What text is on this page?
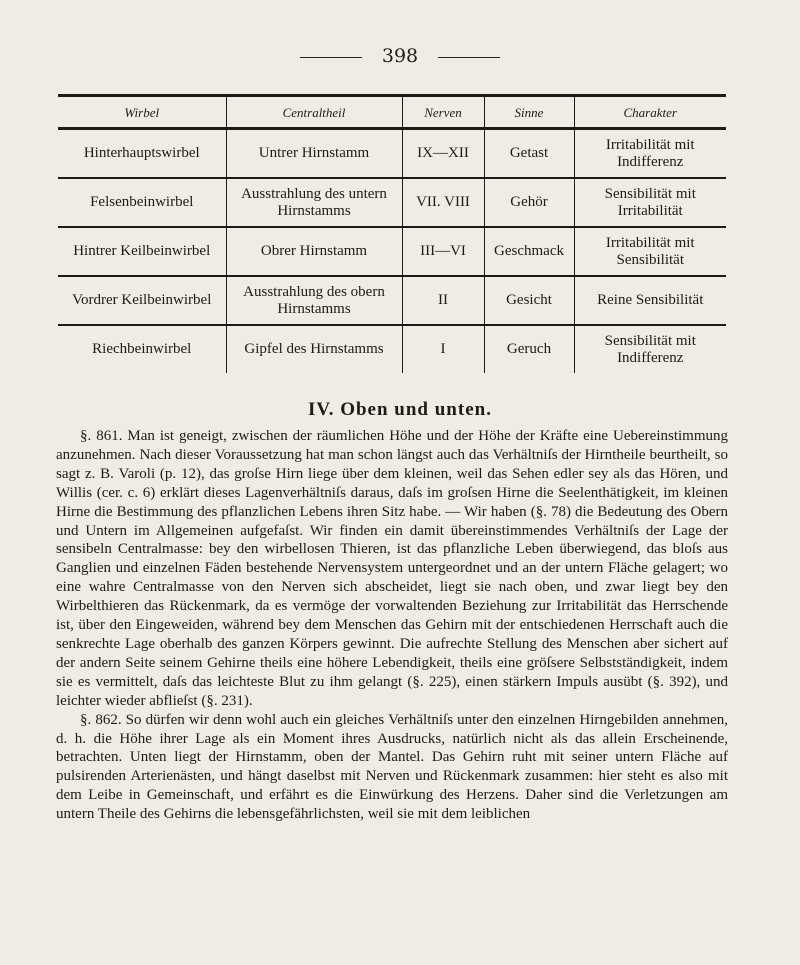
398
Wirbel	Centraltheil	Nerven	Sinne	Charakter
Hinterhauptswirbel	Untrer Hirnstamm	IX—XII	Getast	Irritabilität mit Indifferenz
Felsenbeinwirbel	Ausstrahlung des untern Hirnstamms	VII. VIII	Gehör	Sensibilität mit Irritabilität
Hintrer Keilbeinwirbel	Obrer Hirnstamm	III—VI	Geschmack	Irritabilität mit Sensibilität
Vordrer Keilbeinwirbel	Ausstrahlung des obern Hirnstamms	II	Gesicht	Reine Sensibilität
Riechbeinwirbel	Gipfel des Hirnstamms	I	Geruch	Sensibilität mit Indifferenz
IV. Oben und unten.

§. 861. Man ist geneigt, zwischen der räumlichen Höhe und der Höhe der Kräfte eine Uebereinstimmung anzunehmen. Nach dieser Voraussetzung hat man schon längst auch das Verhältniſs der Hirntheile beurtheilt, so sagt z. B. Varoli (p. 12), das groſse Hirn liege über dem kleinen, weil das Sehen edler sey als das Hören, und Willis (cer. c. 6) erklärt dieses Lagenverhältniſs daraus, daſs im groſsen Hirne die Seelenthätigkeit, im kleinen Hirne die Bestimmung des pflanzlichen Lebens ihren Sitz habe. — Wir haben (§. 78) die Bedeutung des Obern und Untern im Allgemeinen aufgefaſst. Wir finden ein damit übereinstimmendes Verhältniſs der Lage der sensibeln Centralmasse: bey den wirbellosen Thieren, ist das pflanzliche Leben überwiegend, das bloſs aus Ganglien und einzelnen Fäden bestehende Nervensystem untergeordnet und an der untern Fläche gelagert; wo eine wahre Centralmasse von den Nerven sich abscheidet, liegt sie nach oben, und zwar liegt bey den Wirbelthieren das Rückenmark, da es vermöge der vorwaltenden Beziehung zur Irritabilität das Herrschende ist, über den Eingeweiden, während bey dem Menschen das Gehirn mit der entschiedenen Herrschaft auch die senkrechte Lage oberhalb des ganzen Körpers gewinnt. Die aufrechte Stellung des Menschen aber sichert auf der andern Seite seinem Gehirne theils eine höhere Lebendigkeit, theils eine gröſsere Selbstständigkeit, indem sie es vermittelt, daſs das leichteste Blut zu ihm gelangt (§. 225), einen stärkern Impuls ausübt (§. 392), und leichter wieder abflieſst (§. 231).

§. 862. So dürfen wir denn wohl auch ein gleiches Verhältniſs unter den einzelnen Hirngebilden annehmen, d. h. die Höhe ihrer Lage als ein Moment ihres Ausdrucks, natürlich nicht als das allein Erscheinende, betrachten. Unten liegt der Hirnstamm, oben der Mantel. Das Gehirn ruht mit seiner untern Fläche auf pulsirenden Arterienästen, und hängt daselbst mit Nerven und Rückenmark zusammen: hier steht es also mit dem Leibe in Gemeinschaft, und erfährt es die Einwürkung des Herzens. Daher sind die Verletzungen am untern Theile des Gehirns die lebensgefährlichsten, weil sie mit dem leiblichen
